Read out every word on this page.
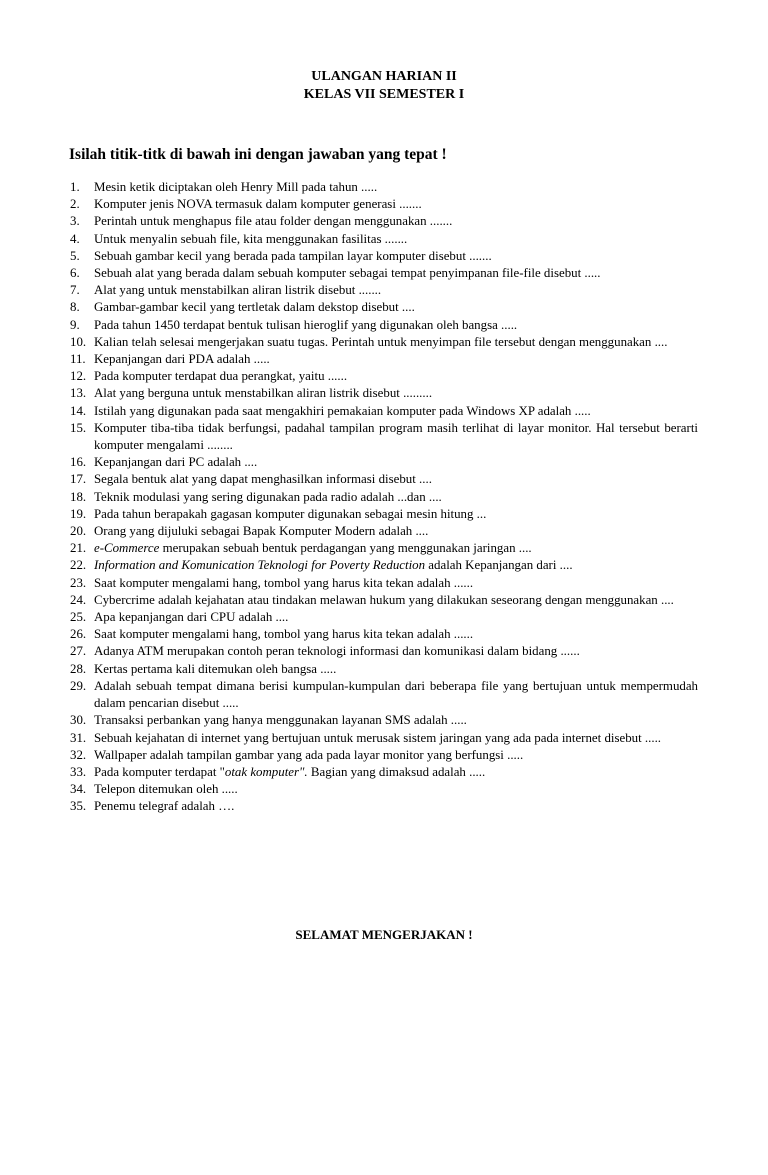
ULANGAN HARIAN II
KELAS VII SEMESTER I
Isilah titik-titk di bawah ini dengan jawaban yang tepat !
1. Mesin ketik diciptakan oleh Henry Mill pada tahun .....
2. Komputer jenis NOVA termasuk dalam komputer generasi .......
3. Perintah untuk menghapus file atau folder dengan menggunakan .......
4. Untuk menyalin sebuah file, kita menggunakan fasilitas .......
5. Sebuah gambar kecil yang berada pada tampilan layar komputer disebut .......
6. Sebuah alat yang berada dalam sebuah komputer sebagai tempat penyimpanan file-file disebut .....
7. Alat yang untuk menstabilkan aliran listrik disebut .......
8. Gambar-gambar kecil yang tertletak dalam dekstop disebut ....
9. Pada tahun 1450 terdapat bentuk tulisan hieroglif yang digunakan oleh bangsa .....
10. Kalian telah selesai mengerjakan suatu tugas. Perintah untuk menyimpan file tersebut dengan menggunakan ....
11. Kepanjangan dari PDA adalah .....
12. Pada komputer terdapat dua perangkat, yaitu ......
13. Alat yang berguna untuk menstabilkan aliran listrik disebut .........
14. Istilah yang digunakan pada saat mengakhiri pemakaian komputer pada Windows XP adalah .....
15. Komputer tiba-tiba tidak berfungsi, padahal tampilan program masih terlihat di layar monitor. Hal tersebut berarti komputer mengalami ........
16. Kepanjangan dari PC adalah ....
17. Segala bentuk alat yang dapat menghasilkan informasi disebut ....
18. Teknik modulasi yang sering digunakan pada radio adalah ...dan ....
19. Pada tahun berapakah gagasan komputer digunakan sebagai mesin hitung ...
20. Orang yang dijuluki sebagai Bapak Komputer Modern adalah ....
21. e-Commerce merupakan sebuah bentuk perdagangan yang menggunakan jaringan ....
22. Information and Komunication Teknologi for Poverty Reduction adalah Kepanjangan dari ....
23. Saat komputer mengalami hang, tombol yang harus kita tekan adalah ......
24. Cybercrime adalah kejahatan atau tindakan melawan hukum yang dilakukan seseorang dengan menggunakan ....
25. Apa kepanjangan dari CPU adalah ....
26. Saat komputer mengalami hang, tombol yang harus kita tekan adalah ......
27. Adanya ATM merupakan contoh peran teknologi informasi dan komunikasi dalam bidang ......
28. Kertas pertama kali ditemukan oleh bangsa .....
29. Adalah sebuah tempat dimana berisi kumpulan-kumpulan dari beberapa file yang bertujuan untuk mempermudah dalam pencarian disebut .....
30. Transaksi perbankan yang hanya menggunakan layanan SMS adalah .....
31. Sebuah kejahatan di internet yang bertujuan untuk merusak sistem jaringan yang ada pada internet disebut .....
32. Wallpaper adalah tampilan gambar yang ada pada layar monitor yang berfungsi .....
33. Pada komputer terdapat "otak komputer". Bagian yang dimaksud adalah .....
34. Telepon ditemukan oleh .....
35. Penemu telegraf adalah ….
SELAMAT MENGERJAKAN !
